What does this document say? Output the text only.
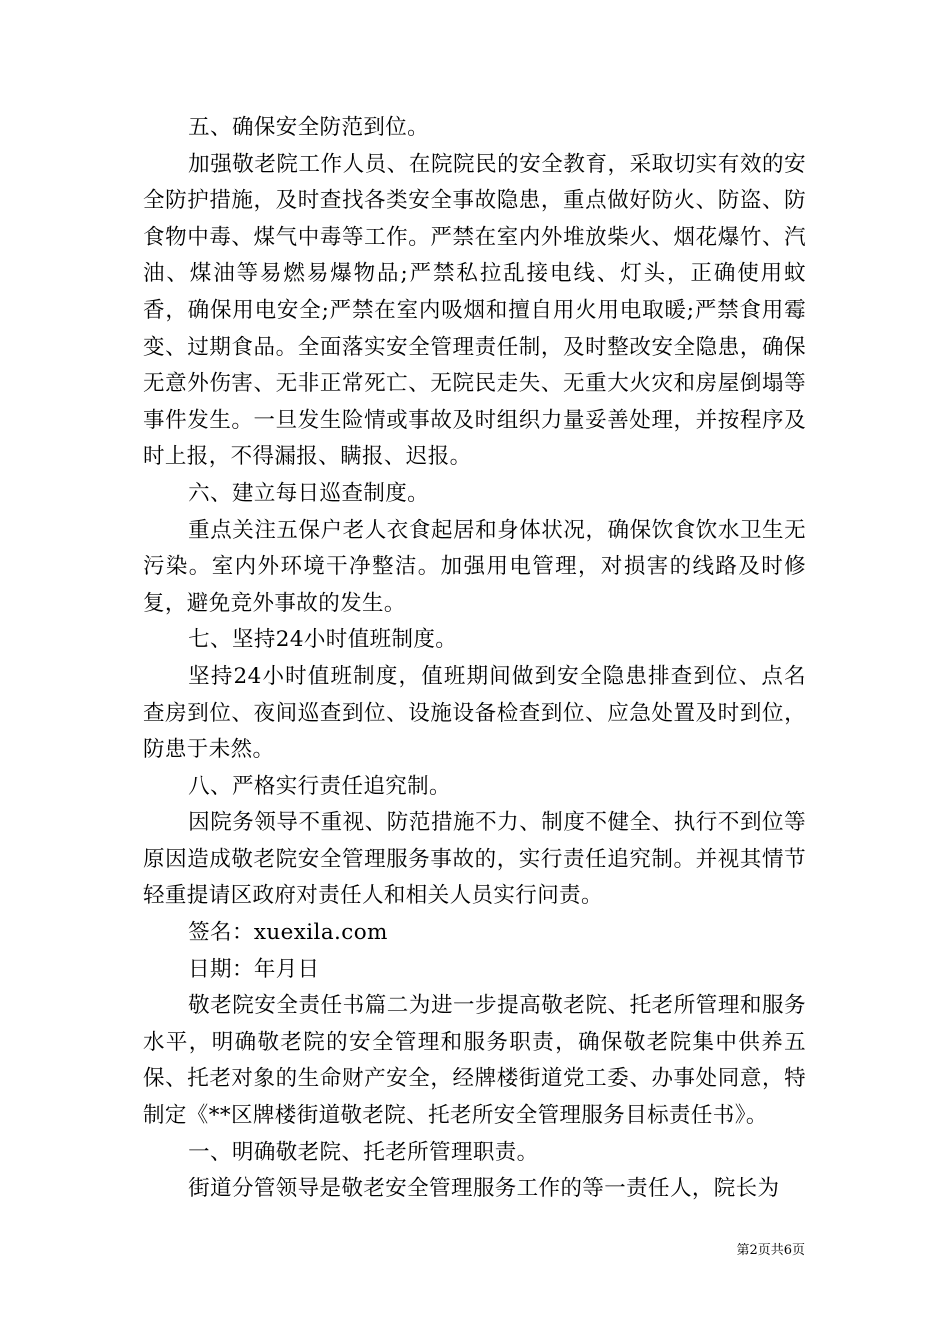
五、确保安全防范到位。

加强敬老院工作人员、在院院民的安全教育，采取切实有效的安全防护措施，及时查找各类安全事故隐患，重点做好防火、防盗、防食物中毒、煤气中毒等工作。严禁在室内外堆放柴火、烟花爆竹、汽油、煤油等易燃易爆物品;严禁私拉乱接电线、灯头，正确使用蚊香，确保用电安全;严禁在室内吸烟和擅自用火用电取暖;严禁食用霉变、过期食品。全面落实安全管理责任制，及时整改安全隐患，确保无意外伤害、无非正常死亡、无院民走失、无重大火灾和房屋倒塌等事件发生。一旦发生险情或事故及时组织力量妥善处理，并按程序及时上报，不得漏报、瞒报、迟报。

六、建立每日巡查制度。

重点关注五保户老人衣食起居和身体状况，确保饮食饮水卫生无污染。室内外环境干净整洁。加强用电管理，对损害的线路及时修复，避免竞外事故的发生。

七、坚持24小时值班制度。

坚持24小时值班制度，值班期间做到安全隐患排查到位、点名查房到位、夜间巡查到位、设施设备检查到位、应急处置及时到位，防患于未然。

八、严格实行责任追究制。

因院务领导不重视、防范措施不力、制度不健全、执行不到位等原因造成敬老院安全管理服务事故的，实行责任追究制。并视其情节轻重提请区政府对责任人和相关人员实行问责。

签名：xuexila.com

日期：年月日

敬老院安全责任书篇二为进一步提高敬老院、托老所管理和服务水平，明确敬老院的安全管理和服务职责，确保敬老院集中供养五保、托老对象的生命财产安全，经牌楼街道党工委、办事处同意，特制定《**区牌楼街道敬老院、托老所安全管理服务目标责任书》。

一、明确敬老院、托老所管理职责。

街道分管领导是敬老安全管理服务工作的等一责任人，院长为

第2页共6页
